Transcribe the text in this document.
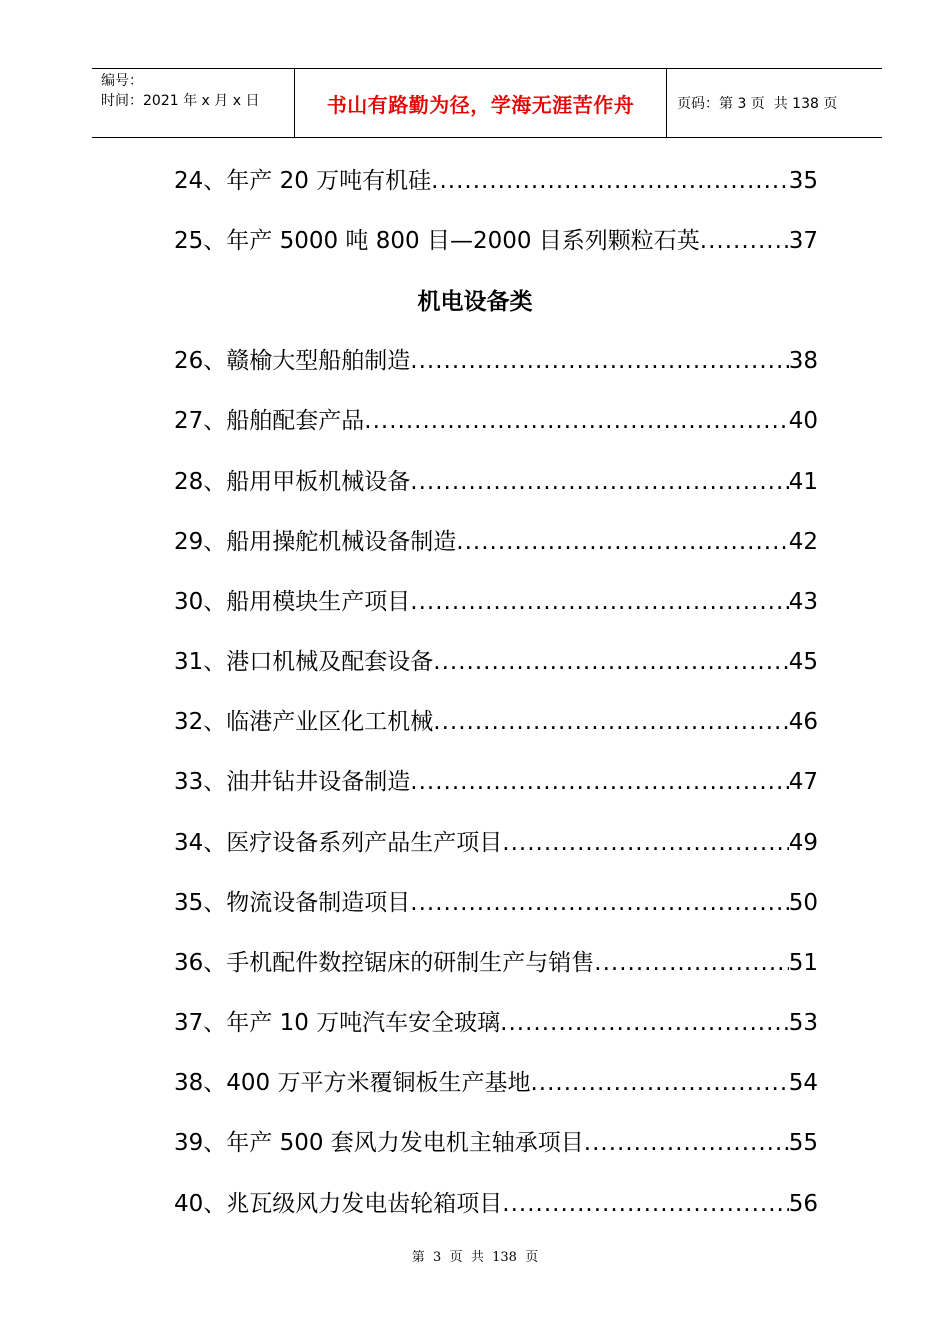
编号：
时间：2021 年 x 月 x 日	书山有路勤为径，学海无涯苦作舟	页码：第 3 页  共 138 页
24、年产 20 万吨有机硅 .....	35
25、年产 5000 吨 800 目—2000 目系列颗粒石英 .....	37
机电设备类
26、赣榆大型船舶制造 .....	38
27、船舶配套产品 .....	40
28、船用甲板机械设备 .....	41
29、船用操舵机械设备制造 .....	42
30、船用模块生产项目 .....	43
31、港口机械及配套设备 .....	45
32、临港产业区化工机械 .....	46
33、油井钻井设备制造 .....	47
34、医疗设备系列产品生产项目 .....	49
35、物流设备制造项目 .....	50
36、手机配件数控锯床的研制生产与销售 .....	51
37、年产 10 万吨汽车安全玻璃 .....	53
38、400 万平方米覆铜板生产基地 .....	54
39、年产 500 套风力发电机主轴承项目 .....	55
40、兆瓦级风力发电齿轮箱项目 .....	56
第  3  页  共  138  页
